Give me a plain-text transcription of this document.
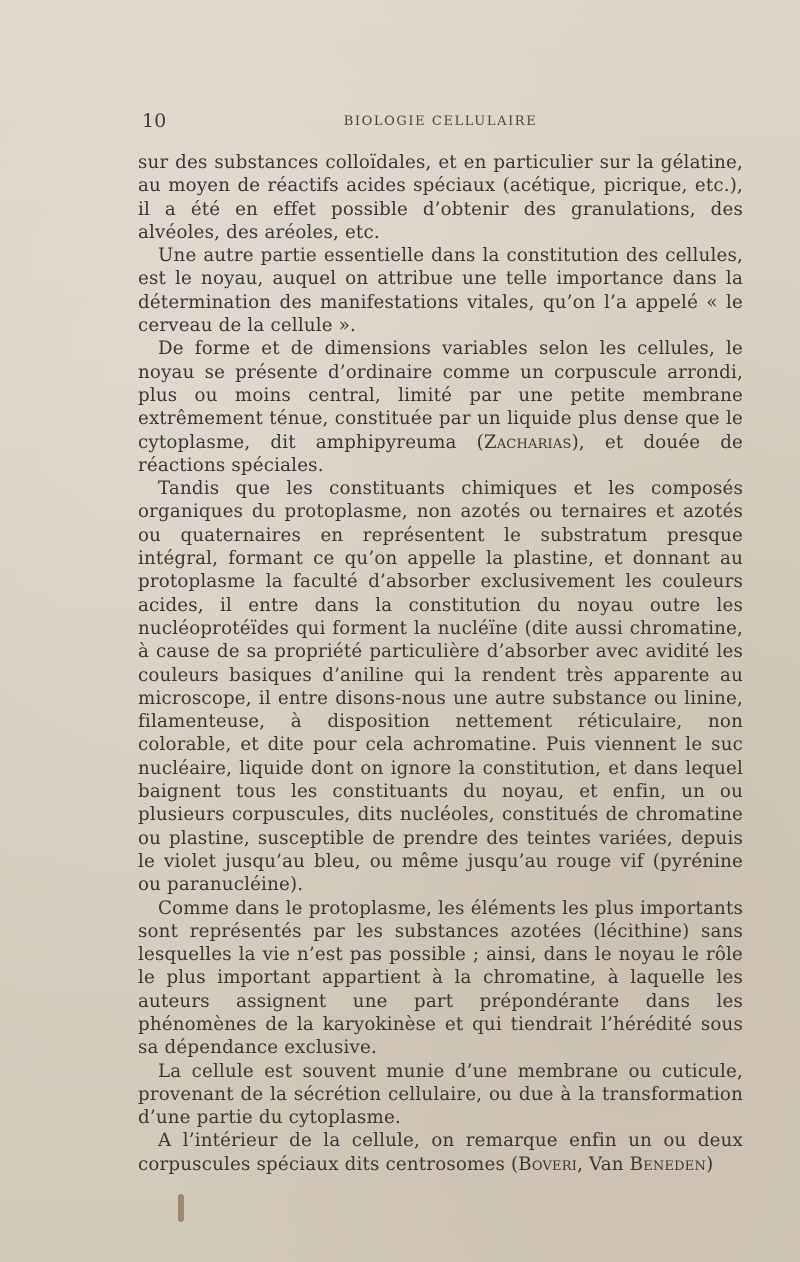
10	BIOLOGIE CELLULAIRE

sur des substances colloïdales, et en particulier sur la gélatine, au moyen de réactifs acides spéciaux (acétique, picrique, etc.), il a été en effet possible d’obtenir des granulations, des alvéoles, des aréoles, etc.

Une autre partie essentielle dans la constitution des cellules, est le noyau, auquel on attribue une telle importance dans la détermination des manifestations vitales, qu’on l’a appelé « le cerveau de la cellule ».

De forme et de dimensions variables selon les cellules, le noyau se présente d’ordinaire comme un corpuscule arrondi, plus ou moins central, limité par une petite membrane extrêmement ténue, constituée par un liquide plus dense que le cytoplasme, dit amphipyreuma (Zacharias), et douée de réactions spéciales.

Tandis que les constituants chimiques et les composés organiques du protoplasme, non azotés ou ternaires et azotés ou quaternaires en représentent le substratum presque intégral, formant ce qu’on appelle la plastine, et donnant au protoplasme la faculté d’absorber exclusivement les couleurs acides, il entre dans la constitution du noyau outre les nucléoprotéïdes qui forment la nucléïne (dite aussi chromatine, à cause de sa propriété particulière d’absorber avec avidité les couleurs basiques d’aniline qui la rendent très apparente au microscope, il entre disons-nous une autre substance ou linine, filamenteuse, à disposition nettement réticulaire, non colorable, et dite pour cela achromatine. Puis viennent le suc nucléaire, liquide dont on ignore la constitution, et dans lequel baignent tous les constituants du noyau, et enfin, un ou plusieurs corpuscules, dits nucléoles, constitués de chromatine ou plastine, susceptible de prendre des teintes variées, depuis le violet jusqu’au bleu, ou même jusqu’au rouge vif (pyrénine ou paranucléine).

Comme dans le protoplasme, les éléments les plus importants sont représentés par les substances azotées (lécithine) sans lesquelles la vie n’est pas possible ; ainsi, dans le noyau le rôle le plus important appartient à la chromatine, à laquelle les auteurs assignent une part prépondérante dans les phénomènes de la karyokinèse et qui tiendrait l’hérédité sous sa dépendance exclusive.

La cellule est souvent munie d’une membrane ou cuticule, provenant de la sécrétion cellulaire, ou due à la transformation d’une partie du cytoplasme.

A l’intérieur de la cellule, on remarque enfin un ou deux corpuscules spéciaux dits centrosomes (Boveri, Van Beneden)
